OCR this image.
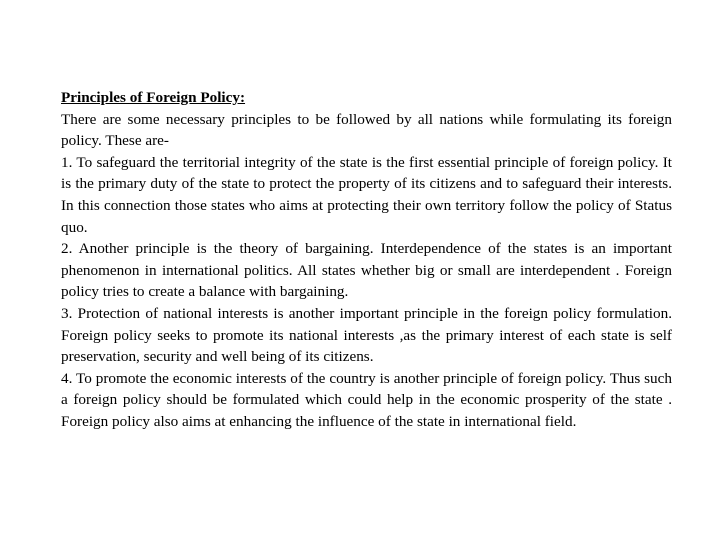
Principles of Foreign Policy:

There are some necessary principles to be followed by all nations while formulating its foreign policy. These are-

1. To safeguard the territorial integrity of the state is the first essential principle of foreign policy. It is the primary duty of the state to protect the property of its citizens and to safeguard their interests. In this connection those states who aims at protecting their own territory follow the policy of Status quo.

2. Another principle is the theory of bargaining. Interdependence of the states is an important phenomenon in international politics. All states whether big or small are interdependent . Foreign policy tries to create a balance with bargaining.

3. Protection of national interests is another important principle in the foreign policy formulation. Foreign policy seeks to promote its national interests ,as the primary interest of each state is self preservation, security and well being of its citizens.

4. To promote the economic interests of the country is another principle of foreign policy. Thus such a foreign policy should be formulated which could help in the economic prosperity of the state . Foreign policy also aims at enhancing the influence of the state in international field.
